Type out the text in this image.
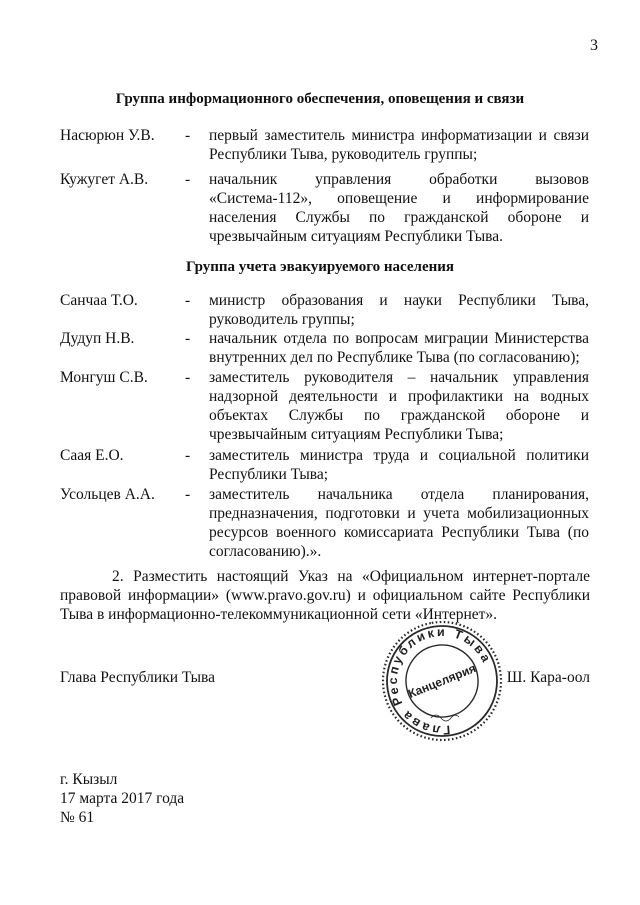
3
Группа информационного обеспечения, оповещения и связи
Насюрюн У.В. - первый заместитель министра информатизации и связи Республики Тыва, руководитель группы;
Кужугет А.В. - начальник управления обработки вызовов «Система-112», оповещение и информирование населения Службы по гражданской обороне и чрезвычайным ситуациям Республики Тыва.
Группа учета эвакуируемого населения
Санчаа Т.О.	- министр образования и науки Республики Тыва, руководитель группы;
Дудуп Н.В.	- начальник отдела по вопросам миграции Министерства внутренних дел по Республике Тыва (по согласованию);
Монгуш С.В. - заместитель руководителя – начальник управления надзорной деятельности и профилактики на водных объектах Службы по гражданской обороне и чрезвычайным ситуациям Республики Тыва;
Саая Е.О.	- заместитель министра труда и социальной политики Республики Тыва;
Усольцев А.А. - заместитель начальника отдела планирования, предназначения, подготовки и учета мобилизационных ресурсов военного комиссариата Республики Тыва (по согласованию).».
2. Разместить настоящий Указ на «Официальном интернет-портале правовой информации» (www.pravo.gov.ru) и официальном сайте Республики Тыва в информационно-телекоммуникационной сети «Интернет».
Глава Республики Тыва	Ш. Кара-оол
Глава Республики Тыва
Канцелярия
г. Кызыл
17 марта 2017 года
№ 61
